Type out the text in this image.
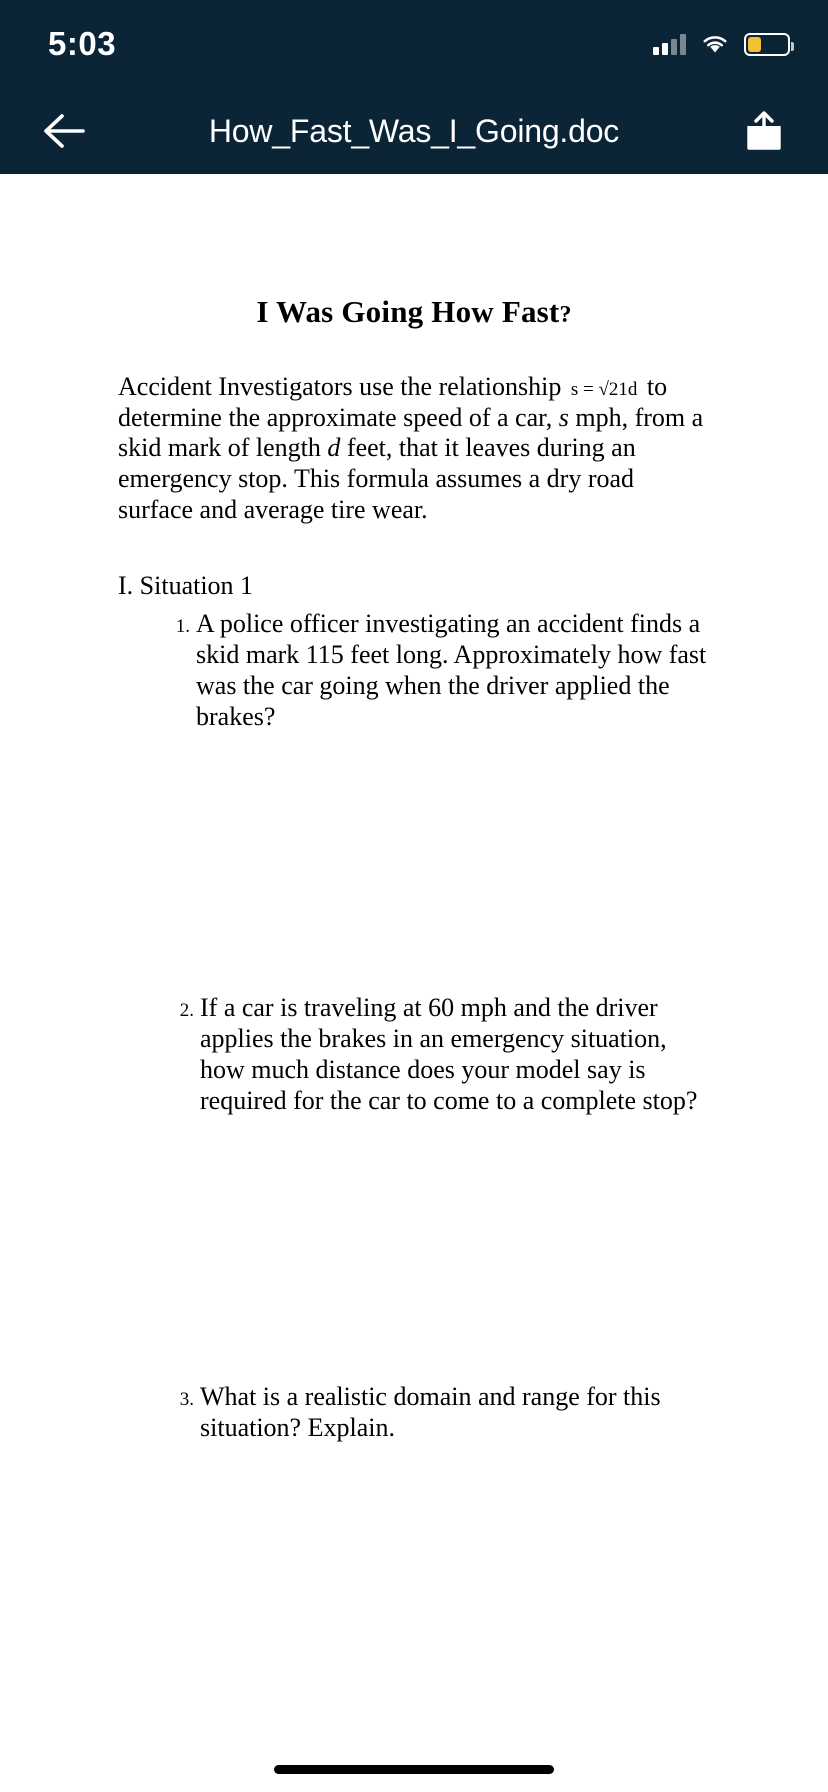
5:03
How_Fast_Was_I_Going.doc
I Was Going How Fast?
Accident Investigators use the relationship s = √21d to determine the approximate speed of a car, s mph, from a skid mark of length d feet, that it leaves during an emergency stop. This formula assumes a dry road surface and average tire wear.
I. Situation 1
1. A police officer investigating an accident finds a skid mark 115 feet long. Approximately how fast was the car going when the driver applied the brakes?
2. If a car is traveling at 60 mph and the driver applies the brakes in an emergency situation, how much distance does your model say is required for the car to come to a complete stop?
3. What is a realistic domain and range for this situation? Explain.
